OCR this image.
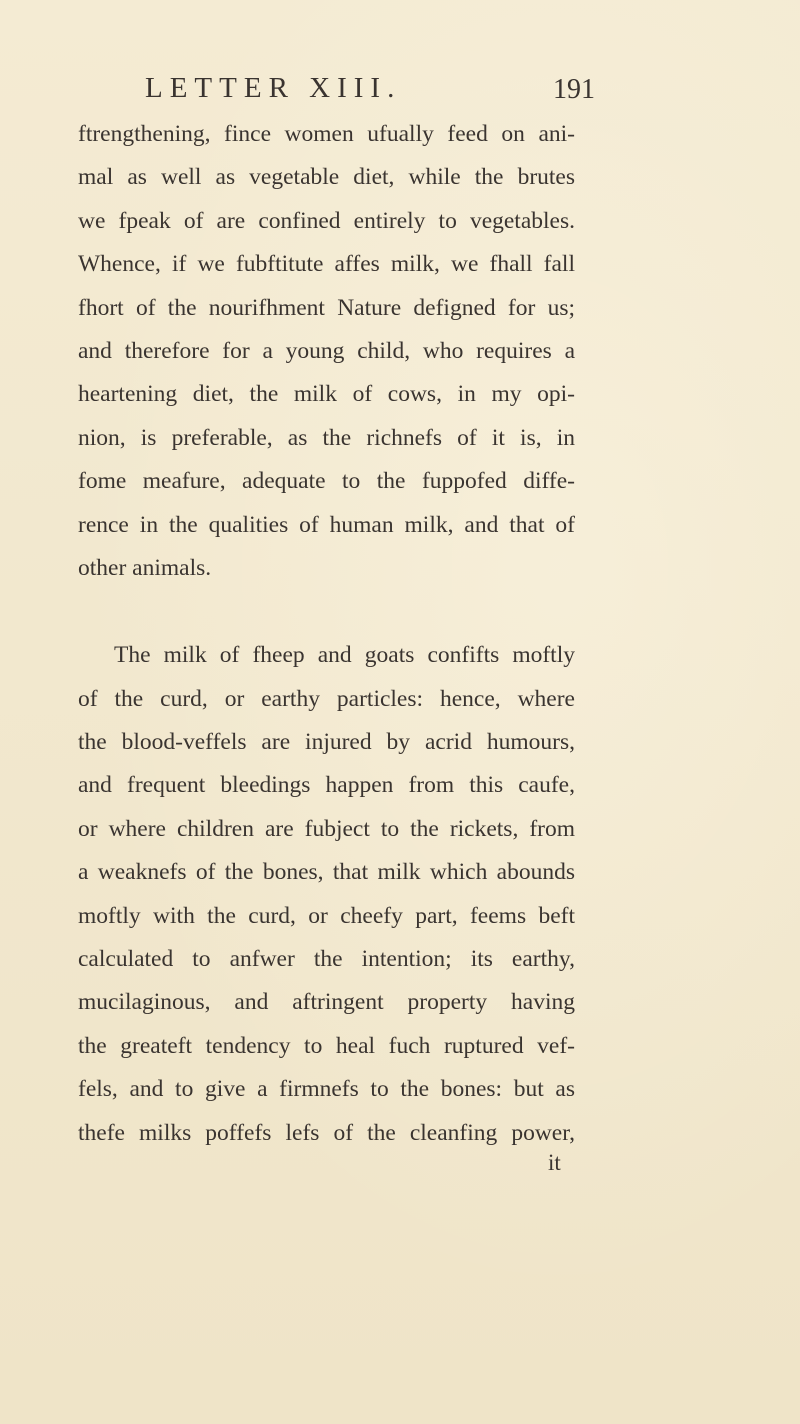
LETTER XIII.	191
ftrengthening, fince women ufually feed on ani-
mal as well as vegetable diet, while the brutes
we fpeak of are confined entirely to vegetables.
Whence, if we fubftitute affes milk, we fhall fall
fhort of the nourifhment Nature defigned for us;
and therefore for a young child, who requires a
heartening diet, the milk of cows, in my opi-
nion, is preferable, as the richnefs of it is, in
fome meafure, adequate to the fuppofed diffe-
rence in the qualities of human milk, and that of
other animals.
The milk of fheep and goats confifts moftly
of the curd, or earthy particles: hence, where
the blood-veffels are injured by acrid humours,
and frequent bleedings happen from this caufe,
or where children are fubject to the rickets, from
a weaknefs of the bones, that milk which abounds
moftly with the curd, or cheefy part, feems beft
calculated to anfwer the intention; its earthy,
mucilaginous, and aftringent property having
the greateft tendency to heal fuch ruptured vef-
fels, and to give a firmnefs to the bones: but as
thefe milks poffefs lefs of the cleanfing power,
it
